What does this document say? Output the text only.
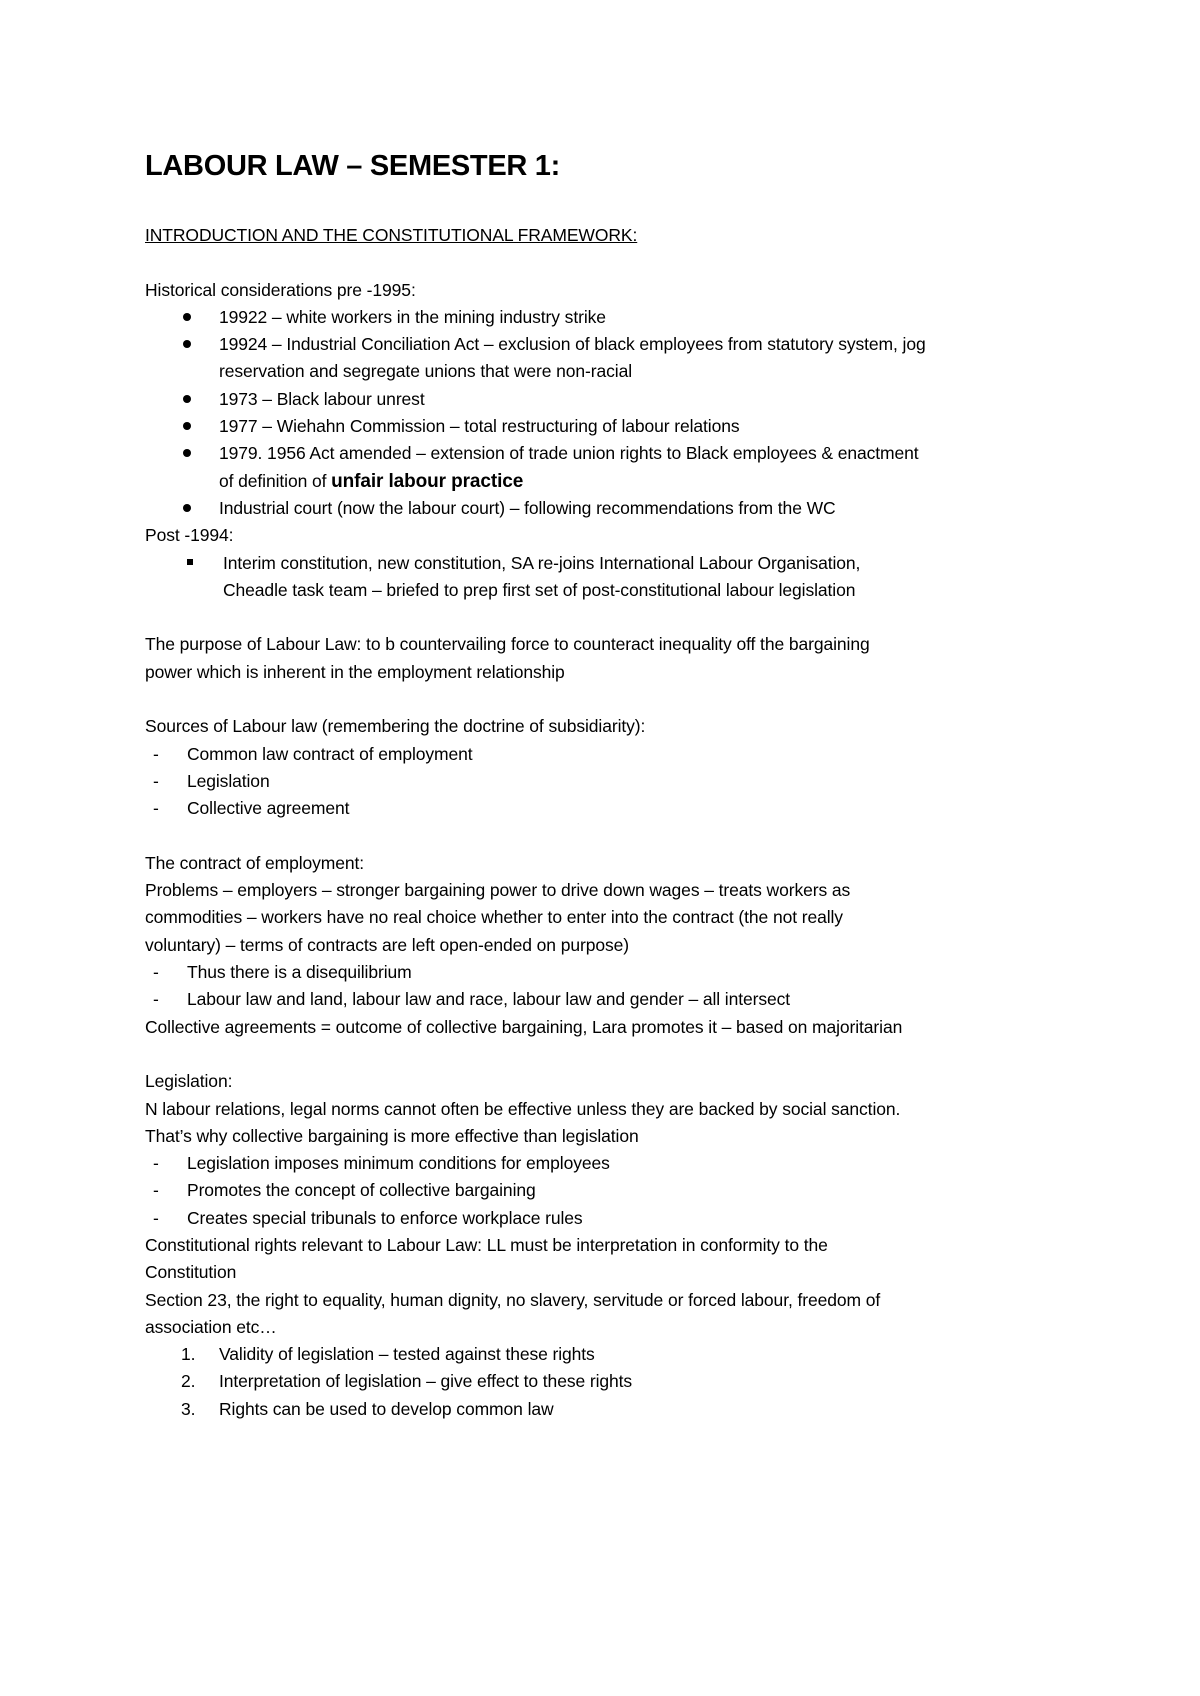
LABOUR LAW – SEMESTER 1:
INTRODUCTION AND THE CONSTITUTIONAL FRAMEWORK:
Historical considerations pre -1995:
19922 – white workers in the mining industry strike
19924 – Industrial Conciliation Act – exclusion of black employees from statutory system, jog
reservation and segregate unions that were non-racial
1973 – Black labour unrest
1977 – Wiehahn Commission – total restructuring of labour relations
1979. 1956 Act amended – extension of trade union rights to Black employees & enactment
of definition of unfair labour practice
Industrial court (now the labour court) – following recommendations from the WC
Post -1994:
Interim constitution, new constitution, SA re-joins International Labour Organisation,
Cheadle task team – briefed to prep first set of post-constitutional labour legislation
The purpose of Labour Law: to b countervailing force to counteract inequality off the bargaining
power which is inherent in the employment relationship
Sources of Labour law (remembering the doctrine of subsidiarity):
- Common law contract of employment
- Legislation
- Collective agreement
The contract of employment:
Problems – employers – stronger bargaining power to drive down wages – treats workers as
commodities – workers have no real choice whether to enter into the contract (the not really
voluntary) – terms of contracts are left open-ended on purpose)
- Thus there is a disequilibrium
- Labour law and land, labour law and race, labour law and gender – all intersect
Collective agreements = outcome of collective bargaining, Lara promotes it – based on majoritarian
Legislation:
N labour relations, legal norms cannot often be effective unless they are backed by social sanction.
That’s why collective bargaining is more effective than legislation
- Legislation imposes minimum conditions for employees
- Promotes the concept of collective bargaining
- Creates special tribunals to enforce workplace rules
Constitutional rights relevant to Labour Law: LL must be interpretation in conformity to the
Constitution
Section 23, the right to equality, human dignity, no slavery, servitude or forced labour, freedom of
association etc…
1. Validity of legislation – tested against these rights
2. Interpretation of legislation – give effect to these rights
3. Rights can be used to develop common law
